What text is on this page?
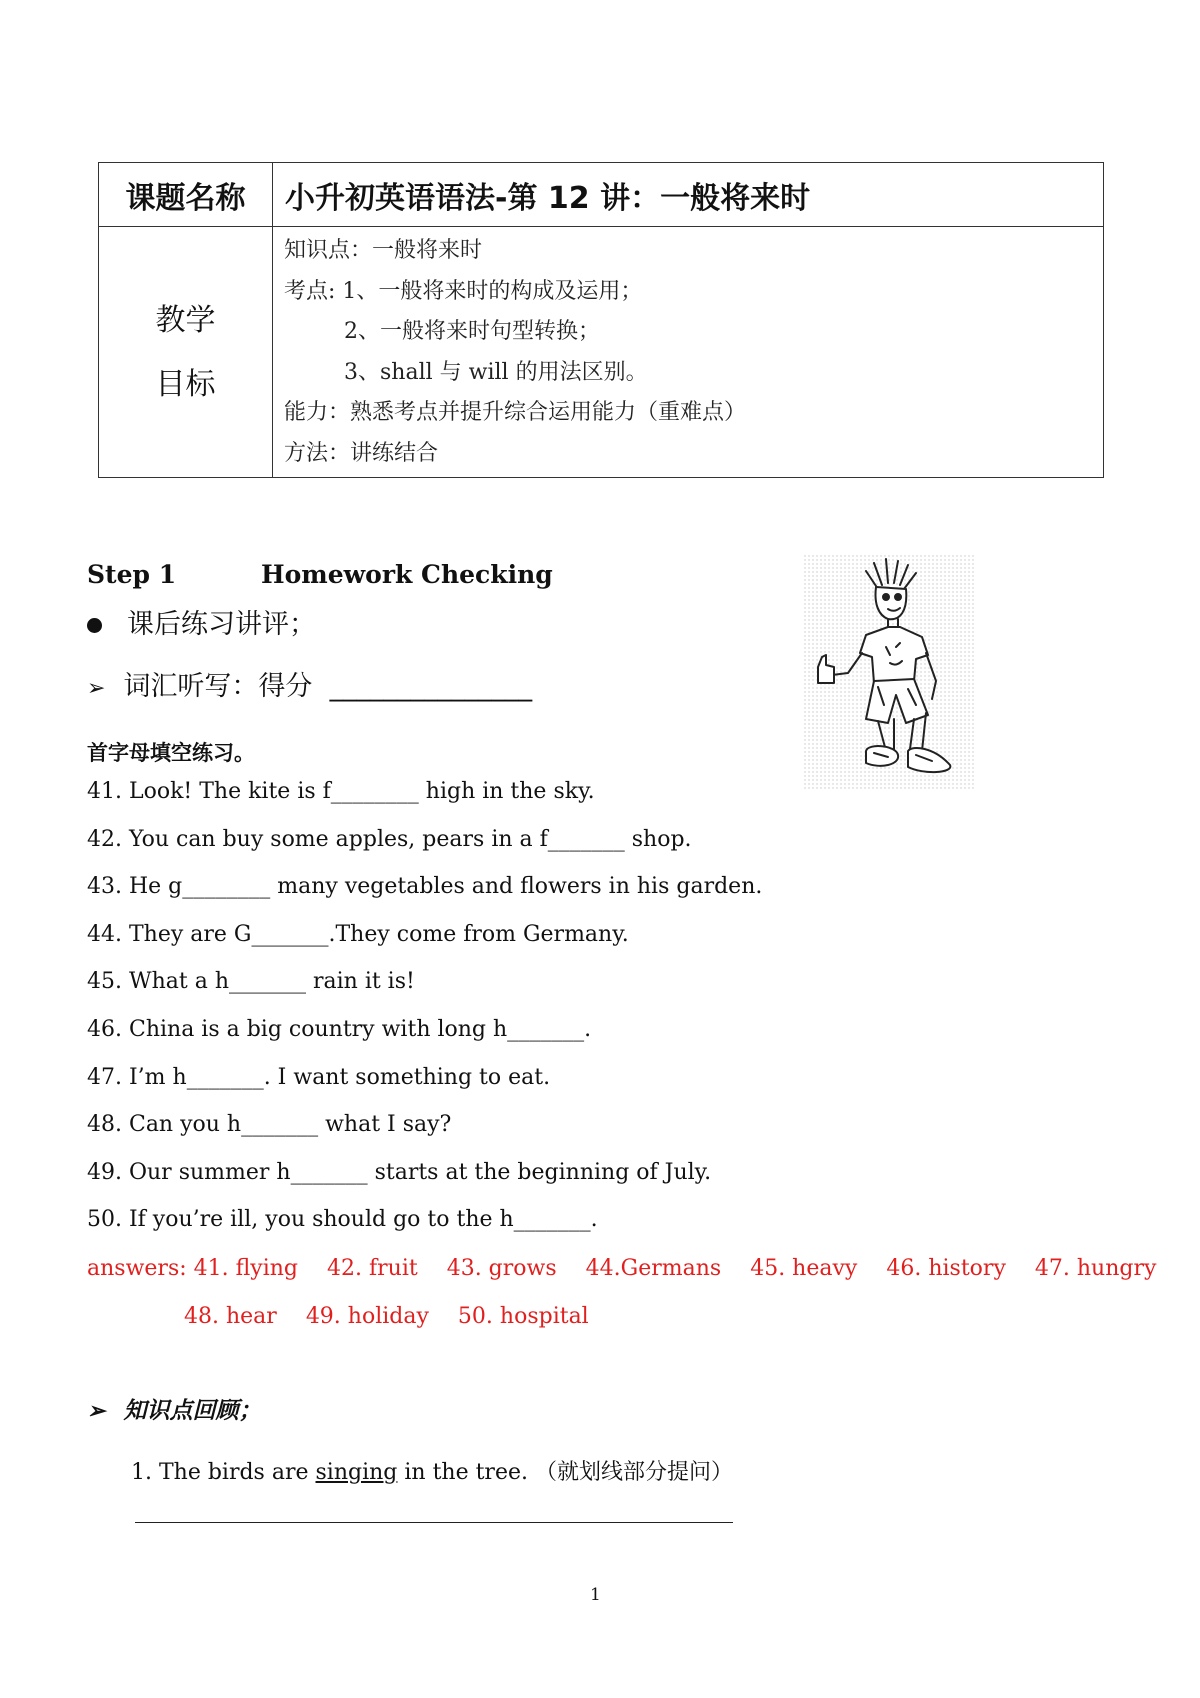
课题名称	小升初英语语法-第 12 讲：一般将来时
教学
目标
知识点：一般将来时
考点: 1、一般将来时的构成及运用；
2、一般将来时句型转换；
3、shall 与 will 的用法区别。
能力：熟悉考点并提升综合运用能力（重难点）
方法：讲练结合
Step 1	Homework Checking
课后练习讲评；
➢ 词汇听写：得分 _______________
首字母填空练习。
41. Look! The kite is f________ high in the sky.
42. You can buy some apples, pears in a f_______ shop.
43. He g________ many vegetables and flowers in his garden.
44. They are G_______.They come from Germany.
45. What a h_______ rain it is!
46. China is a big country with long h_______.
47. I’m h_______. I want something to eat.
48. Can you h_______ what I say?
49. Our summer h_______ starts at the beginning of July.
50. If you’re ill, you should go to the h_______.
answers: 41. flying 42. fruit 43. grows 44.Germans 45. heavy 46. history 47. hungry
48. hear 49. holiday 50. hospital
➢ 知识点回顾；
1. The birds are singing in the tree. （就划线部分提问）
1
